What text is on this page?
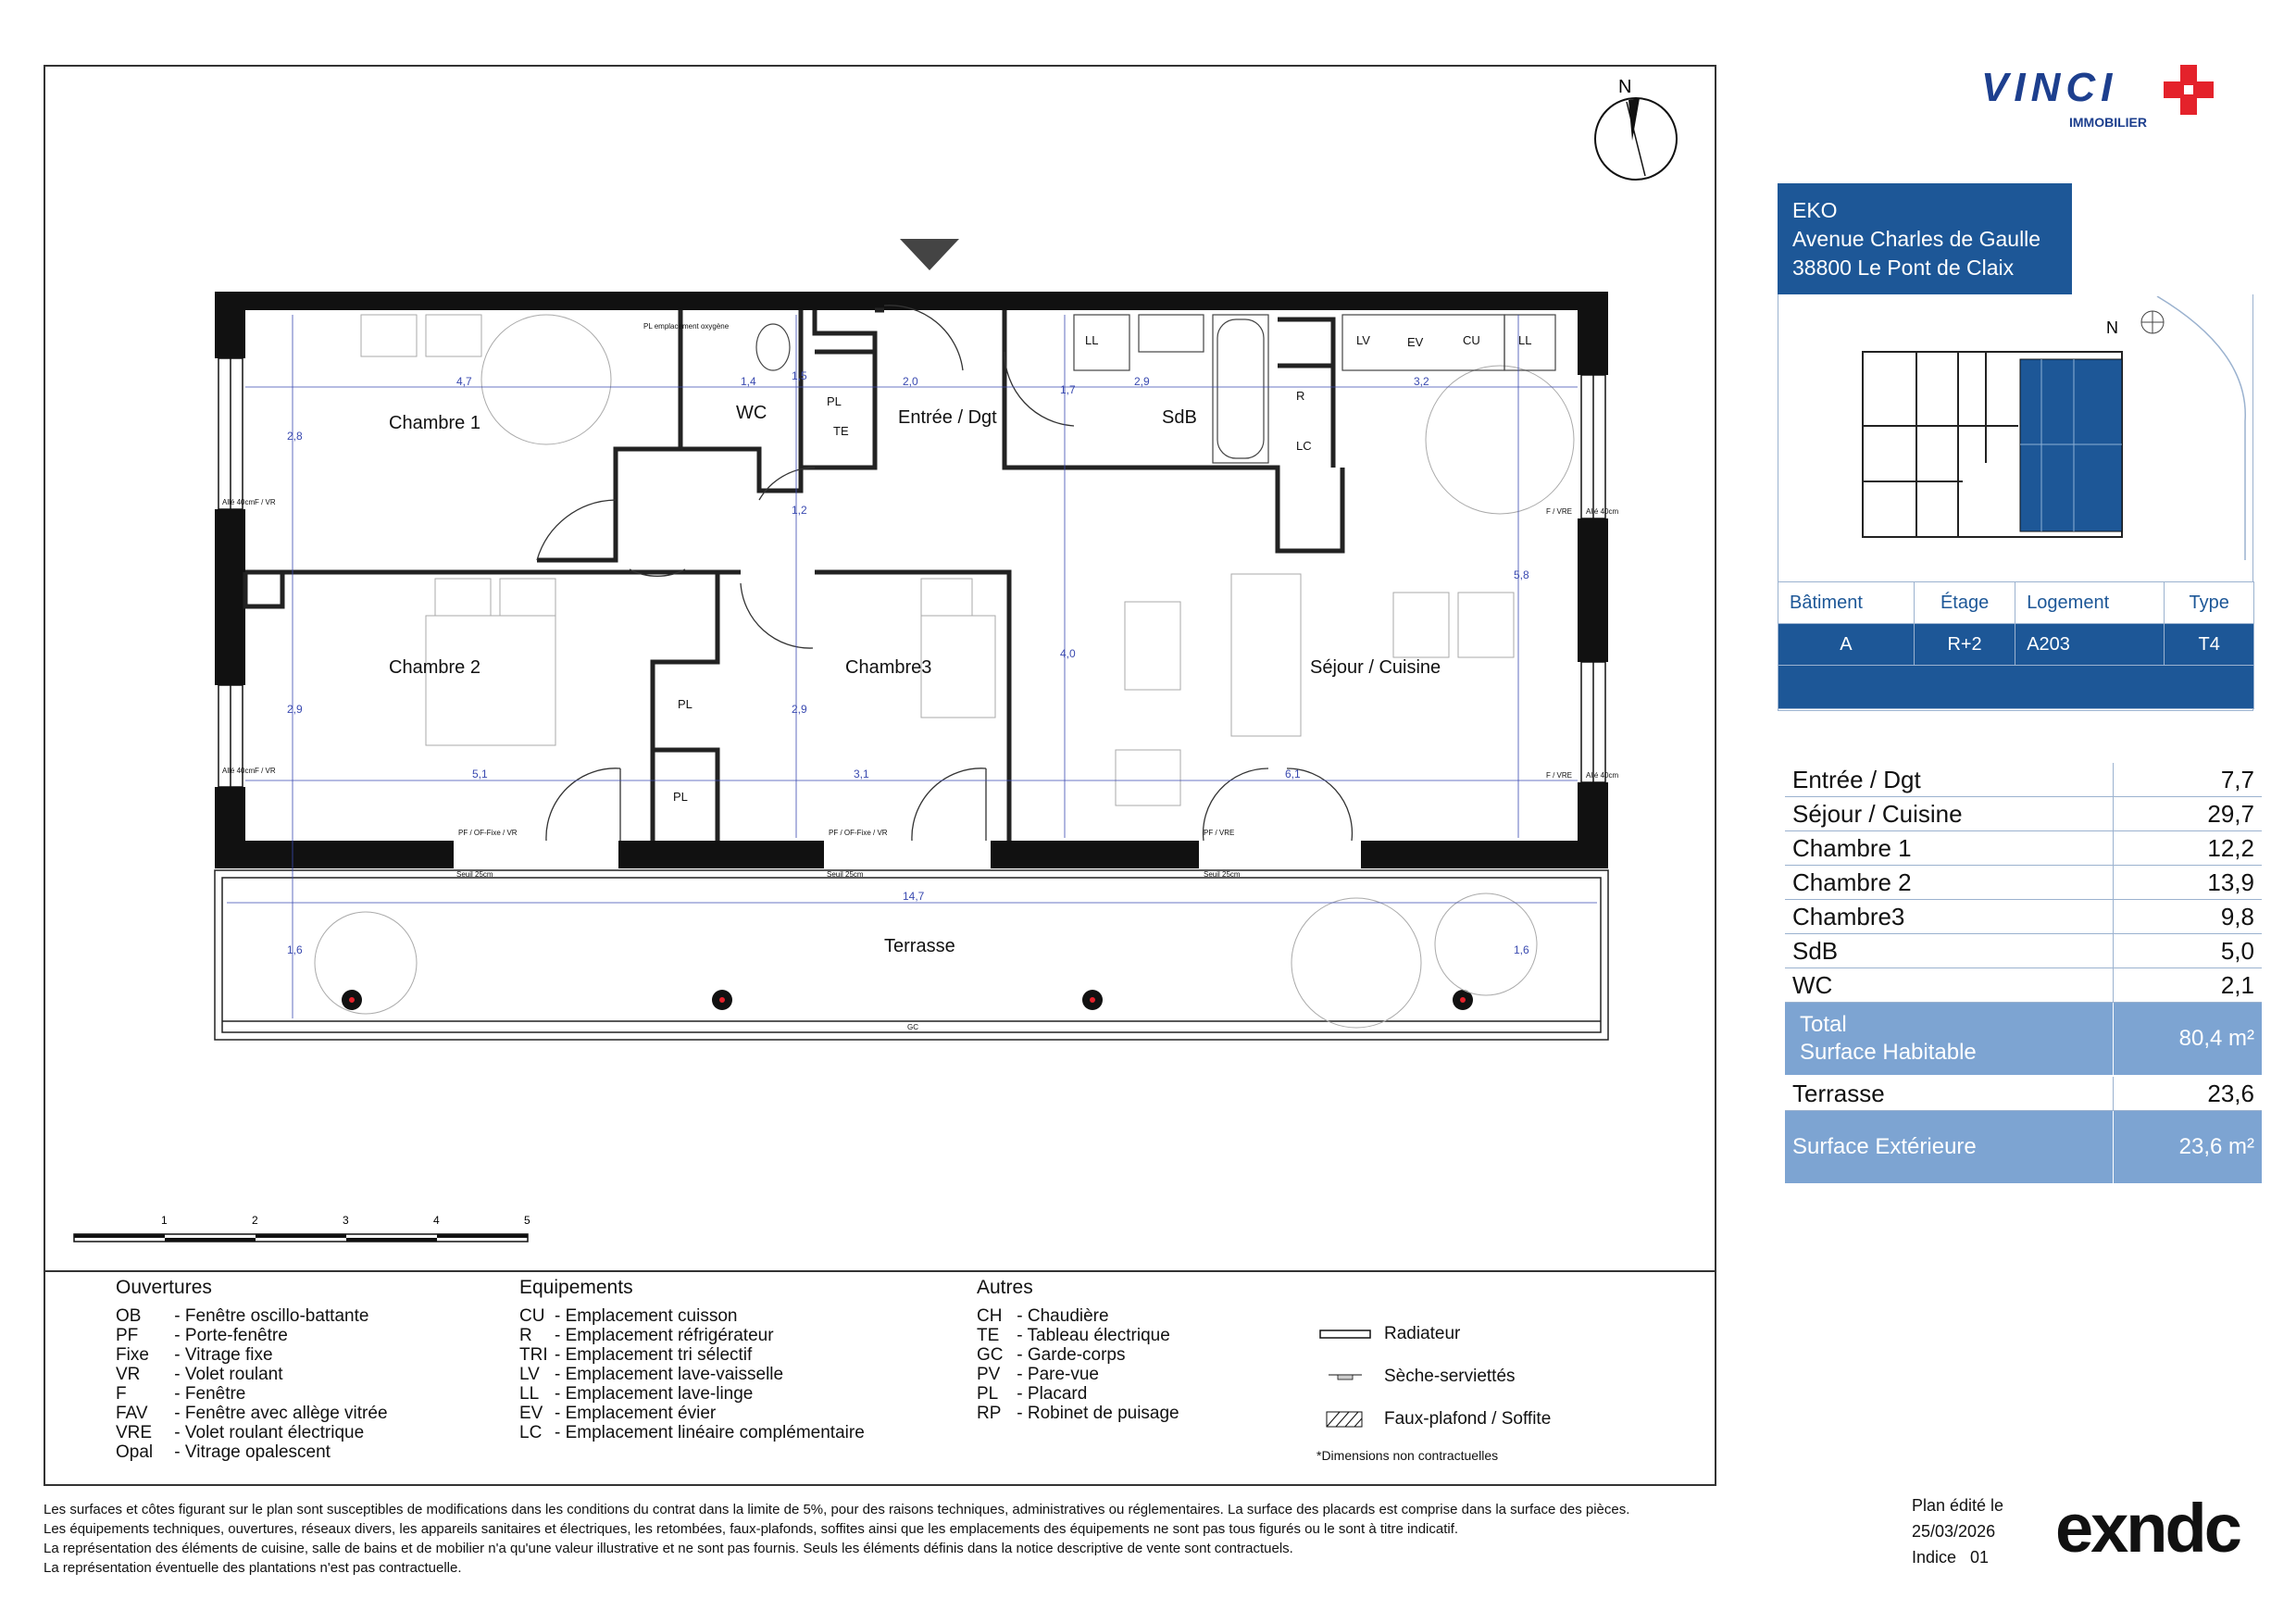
N
Chambre 1
Chambre 2	Chambre3
WC	Entrée / Dgt	SdB
Séjour / Cuisine
Terrasse
PL
PL
PL
LL	LL
LV	EV	CU
R
LC
TE
4,7	1,4	2,0	2,9	3,2
5,1	3,1	6,1
14,7
2,8
1,5
1,2
1,7
2,9	2,9
4,0
5,8
1,6	1,6
Allé 40cm F / VR
Allé 40cm F / VR
Allé 40cm
F / VRE
Allé 40cm
F / VRE
PF / OF-Fixe / VR	PF / OF-Fixe / VR	PF / VRE
Seuil 25cm	Seuil 25cm	Seuil 25cm
GC
PL emplacement oxygène
1	2	3	4	5
VINCI
IMMOBILIER
EKO
Avenue Charles de Gaulle
38800 Le Pont de Claix
N
Bâtiment	Étage	Logement	Type
A	R+2	A203	T4

Entrée / Dgt	7,7
Séjour / Cuisine	29,7
Chambre 1	12,2
Chambre 2	13,9
Chambre3	9,8
SdB	5,0
WC	2,1

Total
Surface Habitable	80,4 m²
Terrasse	23,6
Surface Extérieure	23,6 m²
Ouvertures
OB - Fenêtre oscillo-battante
PF - Porte-fenêtre
Fixe - Vitrage fixe
VR - Volet roulant
F - Fenêtre
FAV - Fenêtre avec allège vitrée
VRE - Volet roulant électrique
Opal - Vitrage opalescent
Equipements
CU - Emplacement cuisson
R - Emplacement réfrigérateur
TRI - Emplacement tri sélectif
LV - Emplacement lave-vaisselle
LL - Emplacement lave-linge
EV - Emplacement évier
LC - Emplacement linéaire complémentaire
Autres
CH - Chaudière
TE - Tableau électrique
GC - Garde-corps
PV - Pare-vue
PL - Placard
RP - Robinet de puisage
Radiateur
Sèche-serviettés
Faux-plafond / Soffite
*Dimensions non contractuelles
Les surfaces et côtes figurant sur le plan sont susceptibles de modifications dans les conditions du contrat dans la limite de 5%, pour des raisons techniques, administratives ou réglementaires. La surface des placards est comprise dans la surface des pièces.
Les équipements techniques, ouvertures, réseaux divers, les appareils sanitaires et électriques, les retombées, faux-plafonds, soffites ainsi que les emplacements des équipements ne sont pas tous figurés ou le sont à titre indicatif.
La représentation des éléments de cuisine, salle de bains et de mobilier n'a qu'une valeur illustrative et ne sont pas fournis. Seuls les éléments définis dans la notice descriptive de vente sont contractuels.
La représentation éventuelle des plantations n'est pas contractuelle.
Plan édité le
25/03/2026
Indice   01 exndc
